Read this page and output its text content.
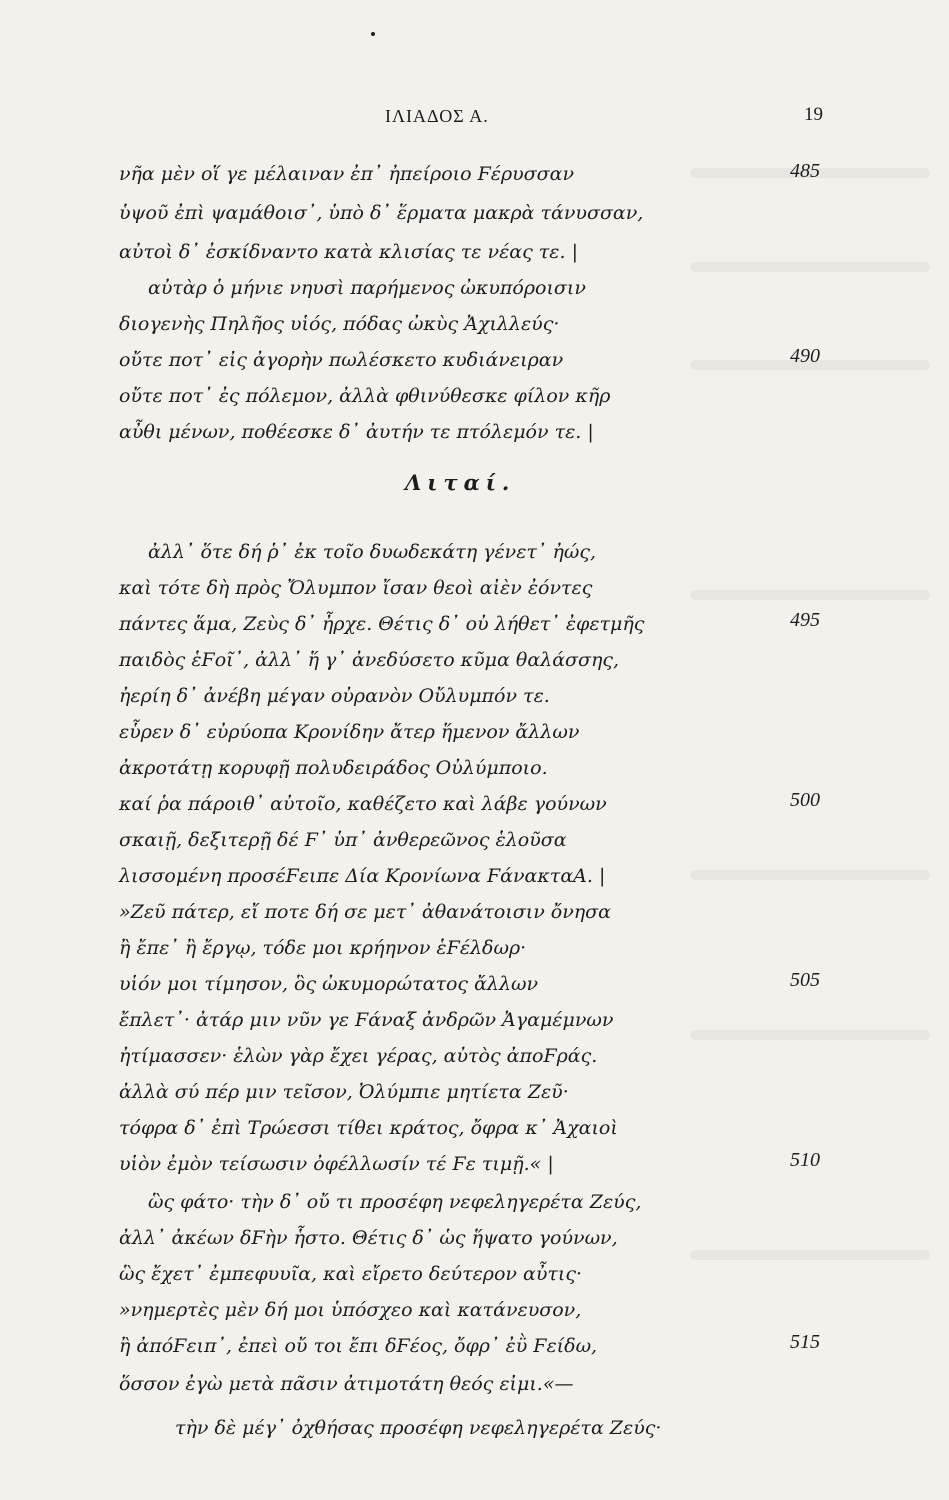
ΙΛΙΑΔΟΣ Α.	19
νῆα μὲν οἵ γε μέλαιναν ἐπ᾽ ἠπείροιο Ϝέρυσσαν
ὑψοῦ ἐπὶ ψαμάθοισ᾽, ὑπὸ δ᾽ ἕρματα μακρὰ τάνυσσαν,
αὐτοὶ δ᾽ ἐσκίδναντο κατὰ κλισίας τε νέας τε. |
αὐτὰρ ὁ μήνιε νηυσὶ παρήμενος ὠκυπόροισιν
διογενὴς Πηλῆος υἱός, πόδας ὠκὺς Ἀχιλλεύς·
οὔτε ποτ᾽ εἰς ἀγορὴν πωλέσκετο κυδιάνειραν
οὔτε ποτ᾽ ἐς πόλεμον, ἀλλὰ φθινύθεσκε φίλον κῆρ
αὖθι μένων, ποθέεσκε δ᾽ ἀυτήν τε πτόλεμόν τε. |
Λιταί.
ἀλλ᾽ ὅτε δή ῥ᾽ ἐκ τοῖο δυωδεκάτη γένετ᾽ ἠώς,
καὶ τότε δὴ πρὸς Ὄλυμπον ἴσαν θεοὶ αἰὲν ἐόντες
πάντες ἅμα, Ζεὺς δ᾽ ἦρχε. Θέτις δ᾽ οὐ λήθετ᾽ ἐφετμῆς
παιδὸς ἑϜοῖ᾽, ἀλλ᾽ ἥ γ᾽ ἀνεδύσετο κῦμα θαλάσσης,
ἠερίη δ᾽ ἀνέβη μέγαν οὐρανὸν Οὔλυμπόν τε.
εὗρεν δ᾽ εὐρύοπα Κρονίδην ἄτερ ἥμενον ἄλλων
ἀκροτάτῃ κορυφῇ πολυδειράδος Οὐλύμποιο.
καί ῥα πάροιθ᾽ αὐτοῖο, καθέζετο καὶ λάβε γούνων
σκαιῇ, δεξιτερῇ δέ Ϝ᾽ ὑπ᾽ ἀνθερεῶνος ἑλοῦσα
λισσομένη προσέϜειπε Δία Κρονίωνα ϜάνακταΑ. |
»Ζεῦ πάτερ, εἴ ποτε δή σε μετ᾽ ἀθανάτοισιν ὄνησα
ἢ ἔπε᾽ ἢ ἔργῳ, τόδε μοι κρήηνον ἑϜέλδωρ·
υἱόν μοι τίμησον, ὃς ὠκυμορώτατος ἄλλων
ἔπλετ᾽· ἀτάρ μιν νῦν γε Ϝάναξ ἀνδρῶν Ἀγαμέμνων
ἠτίμασσεν· ἑλὼν γὰρ ἔχει γέρας, αὐτὸς ἀποϜράς.
ἀλλὰ σύ πέρ μιν τεῖσον, Ὀλύμπιε μητίετα Ζεῦ·
τόφρα δ᾽ ἐπὶ Τρώεσσι τίθει κράτος, ὄφρα κ᾽ Ἀχαιοὶ
υἱὸν ἐμὸν τείσωσιν ὀφέλλωσίν τέ Ϝε τιμῇ.« |
ὣς φάτο· τὴν δ᾽ οὔ τι προσέφη νεφεληγερέτα Ζεύς,
ἀλλ᾽ ἀκέων δϜὴν ἧστο. Θέτις δ᾽ ὡς ἥψατο γούνων,
ὣς ἔχετ᾽ ἐμπεφυυῖα, καὶ εἴρετο δεύτερον αὖτις·
»νημερτὲς μὲν δή μοι ὑπόσχεο καὶ κατάνευσον,
ἢ ἀπόϜειπ᾽, ἐπεὶ οὔ τοι ἔπι δϜέος, ὄφρ᾽ ἐῢ Ϝείδω,
ὅσσον ἐγὼ μετὰ πᾶσιν ἀτιμοτάτη θεός εἰμι.«—
τὴν δὲ μέγ᾽ ὀχθήσας προσέφη νεφεληγερέτα Ζεύς·
485
490
495
500
505
510
515
